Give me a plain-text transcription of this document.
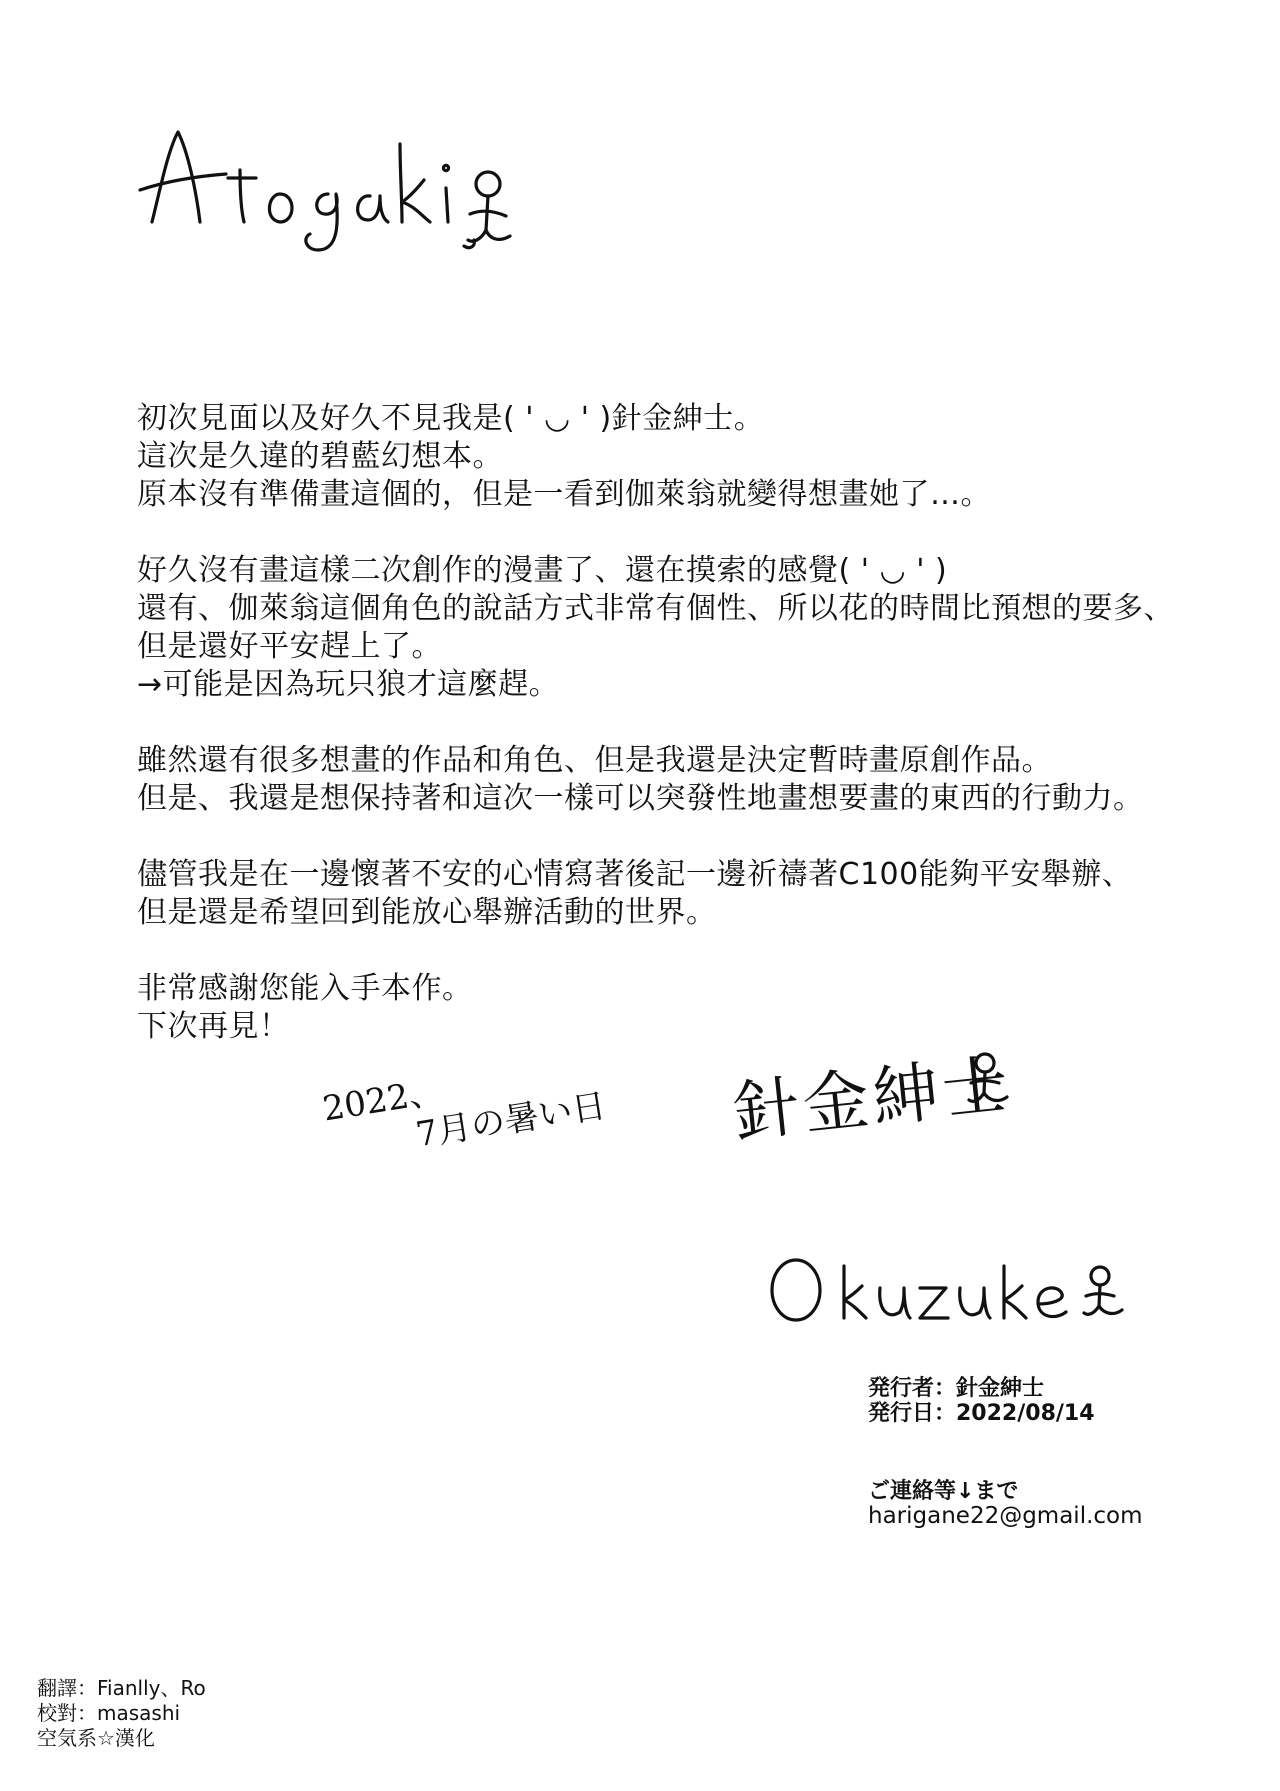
初次見面以及好久不見我是( ' ◡ ' )針金紳士。
這次是久違的碧藍幻想本。
原本沒有準備畫這個的，但是一看到伽萊翁就變得想畫她了…。
好久沒有畫這樣二次創作的漫畫了、還在摸索的感覺( ' ◡ ' )
還有、伽萊翁這個角色的說話方式非常有個性、所以花的時間比預想的要多、
但是還好平安趕上了。
→可能是因為玩只狼才這麼趕。
雖然還有很多想畫的作品和角色、但是我還是決定暫時畫原創作品。
但是、我還是想保持著和這次一樣可以突發性地畫想要畫的東西的行動力。
儘管我是在一邊懷著不安的心情寫著後記一邊祈禱著C100能夠平安舉辦、
但是還是希望回到能放心舉辦活動的世界。
非常感謝您能入手本作。
下次再見！
2022、
7月の暑い日 針金紳士
発行者：針金紳士
発行日：2022/08/14
ご連絡等↓まで
harigane22@gmail.com
翻譯：Fianlly、Ro
校對：masashi
空気系☆漢化
